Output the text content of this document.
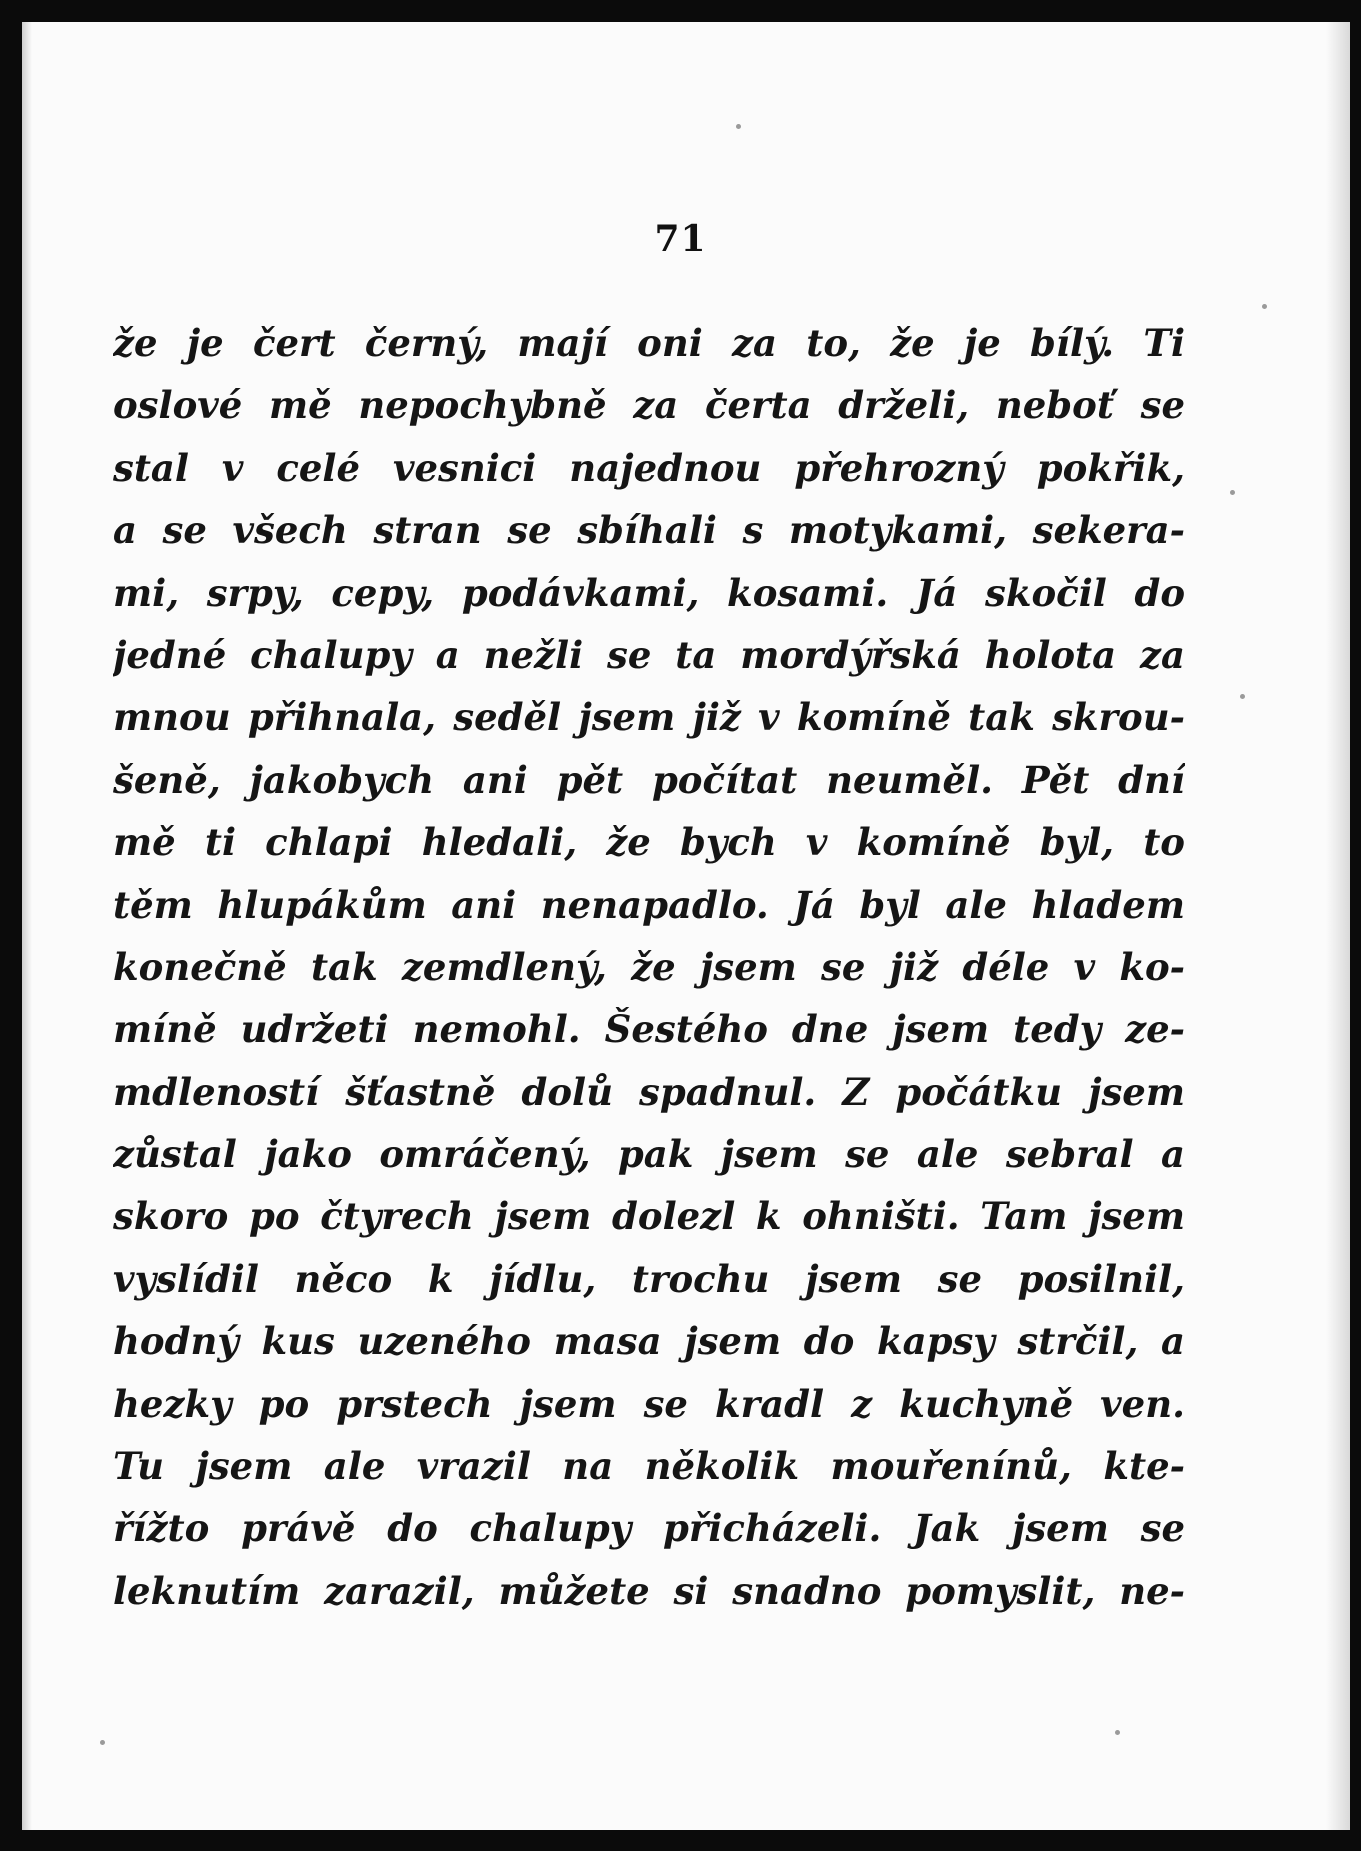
71
že je čert černý, mají oni za to, že je bílý. Ti
oslové mě nepochybně za čerta drželi, neboť se
stal v celé vesnici najednou přehrozný pokřik,
a se všech stran se sbíhali s motykami, sekera-
mi, srpy, cepy, podávkami, kosami. Já skočil do
jedné chalupy a nežli se ta mordýřská holota za
mnou přihnala, seděl jsem již v komíně tak skrou-
šeně, jakobych ani pět počítat neuměl. Pět dní
mě ti chlapi hledali, že bych v komíně byl, to
těm hlupákům ani nenapadlo. Já byl ale hladem
konečně tak zemdlený, že jsem se již déle v ko-
míně udržeti nemohl. Šestého dne jsem tedy ze-
mdleností šťastně dolů spadnul. Z počátku jsem
zůstal jako omráčený, pak jsem se ale sebral a
skoro po čtyrech jsem dolezl k ohništi. Tam jsem
vyslídil něco k jídlu, trochu jsem se posilnil,
hodný kus uzeného masa jsem do kapsy strčil, a
hezky po prstech jsem se kradl z kuchyně ven.
Tu jsem ale vrazil na několik mouřenínů, kte-
řížto právě do chalupy přicházeli. Jak jsem se
leknutím zarazil, můžete si snadno pomyslit, ne-
